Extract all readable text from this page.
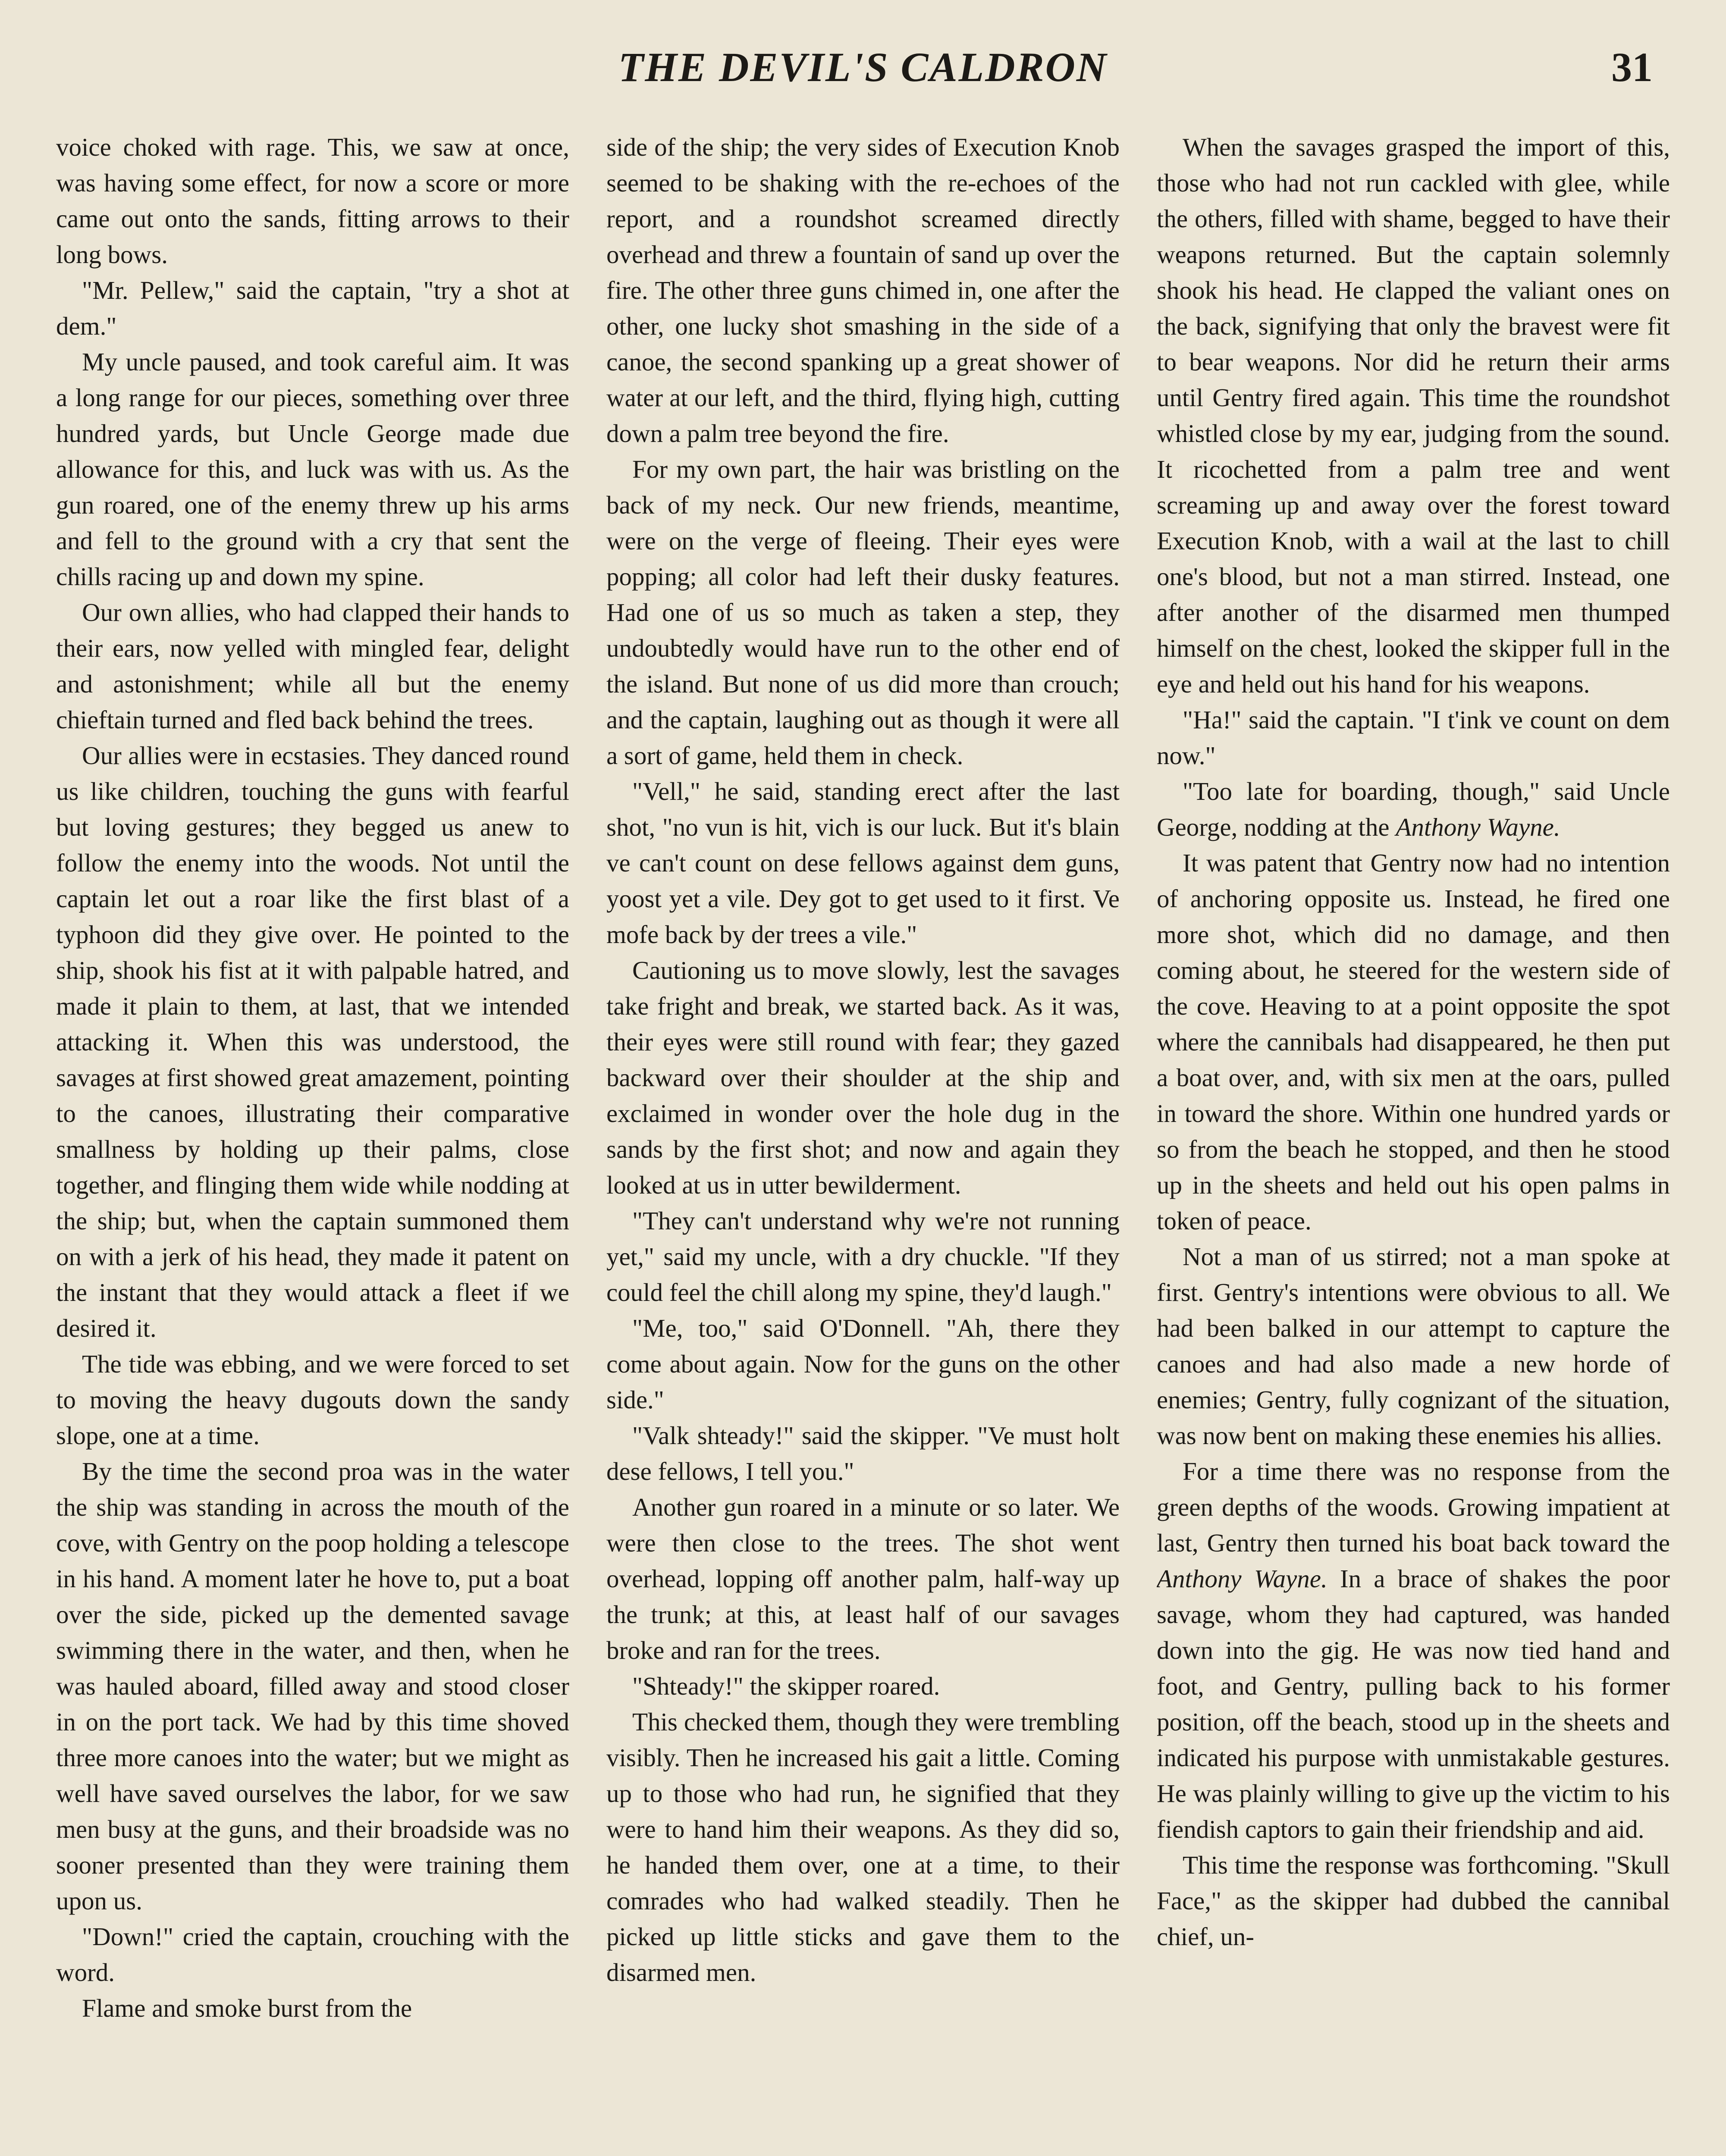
THE DEVIL'S CALDRON	31

voice choked with rage. This, we saw at once, was having some effect, for now a score or more came out onto the sands, fitting arrows to their long bows.

"Mr. Pellew," said the captain, "try a shot at dem."

My uncle paused, and took careful aim. It was a long range for our pieces, something over three hundred yards, but Uncle George made due allowance for this, and luck was with us. As the gun roared, one of the enemy threw up his arms and fell to the ground with a cry that sent the chills racing up and down my spine.

Our own allies, who had clapped their hands to their ears, now yelled with mingled fear, delight and astonishment; while all but the enemy chieftain turned and fled back behind the trees.

Our allies were in ecstasies. They danced round us like children, touching the guns with fearful but loving gestures; they begged us anew to follow the enemy into the woods. Not until the captain let out a roar like the first blast of a typhoon did they give over. He pointed to the ship, shook his fist at it with palpable hatred, and made it plain to them, at last, that we intended attacking it. When this was understood, the savages at first showed great amazement, pointing to the canoes, illustrating their comparative smallness by holding up their palms, close together, and flinging them wide while nodding at the ship; but, when the captain summoned them on with a jerk of his head, they made it patent on the instant that they would attack a fleet if we desired it.

The tide was ebbing, and we were forced to set to moving the heavy dugouts down the sandy slope, one at a time.

By the time the second proa was in the water the ship was standing in across the mouth of the cove, with Gentry on the poop holding a telescope in his hand. A moment later he hove to, put a boat over the side, picked up the demented savage swimming there in the water, and then, when he was hauled aboard, filled away and stood closer in on the port tack. We had by this time shoved three more canoes into the water; but we might as well have saved ourselves the labor, for we saw men busy at the guns, and their broadside was no sooner presented than they were training them upon us.

"Down!" cried the captain, crouching with the word.

Flame and smoke burst from the

side of the ship; the very sides of Execution Knob seemed to be shaking with the re-echoes of the report, and a roundshot screamed directly overhead and threw a fountain of sand up over the fire. The other three guns chimed in, one after the other, one lucky shot smashing in the side of a canoe, the second spanking up a great shower of water at our left, and the third, flying high, cutting down a palm tree beyond the fire.

For my own part, the hair was bristling on the back of my neck. Our new friends, meantime, were on the verge of fleeing. Their eyes were popping; all color had left their dusky features. Had one of us so much as taken a step, they undoubtedly would have run to the other end of the island. But none of us did more than crouch; and the captain, laughing out as though it were all a sort of game, held them in check.

"Vell," he said, standing erect after the last shot, "no vun is hit, vich is our luck. But it's blain ve can't count on dese fellows against dem guns, yoost yet a vile. Dey got to get used to it first. Ve mofe back by der trees a vile."

Cautioning us to move slowly, lest the savages take fright and break, we started back. As it was, their eyes were still round with fear; they gazed backward over their shoulder at the ship and exclaimed in wonder over the hole dug in the sands by the first shot; and now and again they looked at us in utter bewilderment.

"They can't understand why we're not running yet," said my uncle, with a dry chuckle. "If they could feel the chill along my spine, they'd laugh."

"Me, too," said O'Donnell. "Ah, there they come about again. Now for the guns on the other side."

"Valk shteady!" said the skipper. "Ve must holt dese fellows, I tell you."

Another gun roared in a minute or so later. We were then close to the trees. The shot went overhead, lopping off another palm, half-way up the trunk; at this, at least half of our savages broke and ran for the trees.

"Shteady!" the skipper roared.

This checked them, though they were trembling visibly. Then he increased his gait a little. Coming up to those who had run, he signified that they were to hand him their weapons. As they did so, he handed them over, one at a time, to their comrades who had walked steadily. Then he picked up little sticks and gave them to the disarmed men.

When the savages grasped the import of this, those who had not run cackled with glee, while the others, filled with shame, begged to have their weapons returned. But the captain solemnly shook his head. He clapped the valiant ones on the back, signifying that only the bravest were fit to bear weapons. Nor did he return their arms until Gentry fired again. This time the roundshot whistled close by my ear, judging from the sound. It ricochetted from a palm tree and went screaming up and away over the forest toward Execution Knob, with a wail at the last to chill one's blood, but not a man stirred. Instead, one after another of the disarmed men thumped himself on the chest, looked the skipper full in the eye and held out his hand for his weapons.

"Ha!" said the captain. "I t'ink ve count on dem now."

"Too late for boarding, though," said Uncle George, nodding at the Anthony Wayne.

It was patent that Gentry now had no intention of anchoring opposite us. Instead, he fired one more shot, which did no damage, and then coming about, he steered for the western side of the cove. Heaving to at a point opposite the spot where the cannibals had disappeared, he then put a boat over, and, with six men at the oars, pulled in toward the shore. Within one hundred yards or so from the beach he stopped, and then he stood up in the sheets and held out his open palms in token of peace.

Not a man of us stirred; not a man spoke at first. Gentry's intentions were obvious to all. We had been balked in our attempt to capture the canoes and had also made a new horde of enemies; Gentry, fully cognizant of the situation, was now bent on making these enemies his allies.

For a time there was no response from the green depths of the woods. Growing impatient at last, Gentry then turned his boat back toward the Anthony Wayne. In a brace of shakes the poor savage, whom they had captured, was handed down into the gig. He was now tied hand and foot, and Gentry, pulling back to his former position, off the beach, stood up in the sheets and indicated his purpose with unmistakable gestures. He was plainly willing to give up the victim to his fiendish captors to gain their friendship and aid.

This time the response was forthcoming. "Skull Face," as the skipper had dubbed the cannibal chief, un-
